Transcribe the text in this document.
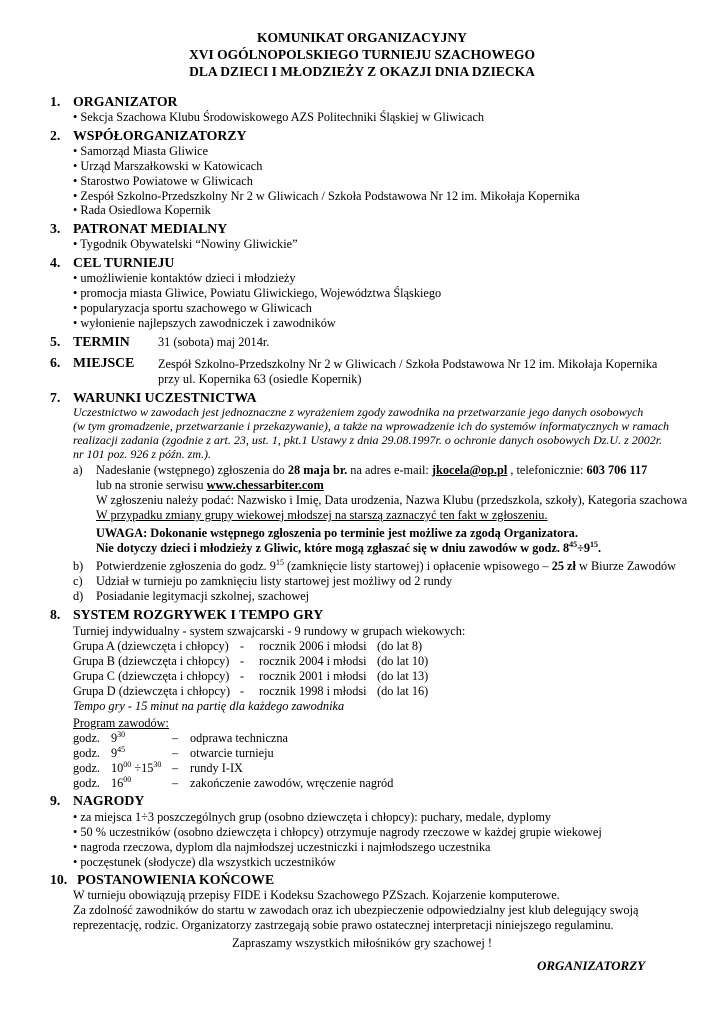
KOMUNIKAT ORGANIZACYJNY
XVI OGÓLNOPOLSKIEGO TURNIEJU SZACHOWEGO
DLA DZIECI I MŁODZIEŻY Z OKAZJI DNIA DZIECKA
1. ORGANIZATOR
• Sekcja Szachowa Klubu Środowiskowego AZS Politechniki Śląskiej w Gliwicach
2. WSPÓŁORGANIZATORZY
• Samorząd Miasta Gliwice
• Urząd Marszałkowski w Katowicach
• Starostwo Powiatowe w Gliwicach
• Zespół Szkolno-Przedszkolny Nr 2 w Gliwicach / Szkoła Podstawowa Nr 12 im. Mikołaja Kopernika
• Rada Osiedlowa Kopernik
3. PATRONAT MEDIALNY
• Tygodnik Obywatelski “Nowiny Gliwickie”
4. CEL TURNIEJU
• umożliwienie kontaktów dzieci i młodzieży
• promocja miasta Gliwice, Powiatu Gliwickiego, Województwa Śląskiego
• popularyzacja sportu szachowego w Gliwicach
• wyłonienie najlepszych zawodniczek i zawodników
5. TERMIN 31 (sobota) maj 2014r.
6. MIEJSCE Zespół Szkolno-Przedszkolny Nr 2 w Gliwicach / Szkoła Podstawowa Nr 12 im. Mikołaja Kopernika
przy ul. Kopernika 63 (osiedle Kopernik)
7. WARUNKI UCZESTNICTWA
Uczestnictwo w zawodach jest jednoznaczne z wyrażeniem zgody zawodnika na przetwarzanie jego danych osobowych
(w tym gromadzenie, przetwarzanie i przekazywanie), a także na wprowadzenie ich do systemów informatycznych w ramach
realizacji zadania (zgodnie z art. 23, ust. 1, pkt.1 Ustawy z dnia 29.08.1997r. o ochronie danych osobowych Dz.U. z 2002r.
nr 101 poz. 926 z późn. zm.).
a) Nadesłanie (wstępnego) zgłoszenia do 28 maja br. na adres e-mail: jkocela@op.pl , telefonicznie: 603 706 117
lub na stronie serwisu www.chessarbiter.com
W zgłoszeniu należy podać: Nazwisko i Imię, Data urodzenia, Nazwa Klubu (przedszkola, szkoły), Kategoria szachowa
W przypadku zmiany grupy wiekowej młodszej na starszą zaznaczyć ten fakt w zgłoszeniu.
UWAGA: Dokonanie wstępnego zgłoszenia po terminie jest możliwe za zgodą Organizatora.
Nie dotyczy dzieci i młodzieży z Gliwic, które mogą zgłaszać się w dniu zawodów w godz. $8^{45}\div 9^{15}$.
b) Potwierdzenie zgłoszenia do godz. $9^{15}$ (zamknięcie listy startowej) i opłacenie wpisowego – 25 zł w Biurze Zawodów
c) Udział w turnieju po zamknięciu listy startowej jest możliwy od 2 rundy
d) Posiadanie legitymacji szkolnej, szachowej
8. SYSTEM ROZGRYWEK I TEMPO GRY
Turniej indywidualny - system szwajcarski - 9 rundowy w grupach wiekowych:
Grupa A (dziewczęta i chłopcy) - rocznik 2006 i młodsi (do lat 8)
Grupa B (dziewczęta i chłopcy) - rocznik 2004 i młodsi (do lat 10)
Grupa C (dziewczęta i chłopcy) - rocznik 2001 i młodsi (do lat 13)
Grupa D (dziewczęta i chłopcy) - rocznik 1998 i młodsi (do lat 16)
Tempo gry - 15 minut na partię dla każdego zawodnika
Program zawodów:
godz. $9^{30}$	– odprawa techniczna
godz. $9^{45}$	– otwarcie turnieju
godz. $10^{00} \div 15^{30}$ – rundy I-IX
godz. $16^{00}$	– zakończenie zawodów, wręczenie nagród
9. NAGRODY
• za miejsca 1÷3 poszczególnych grup (osobno dziewczęta i chłopcy): puchary, medale, dyplomy
• 50 % uczestników (osobno dziewczęta i chłopcy) otrzymuje nagrody rzeczowe w każdej grupie wiekowej
• nagroda rzeczowa, dyplom dla najmłodszej uczestniczki i najmłodszego uczestnika
• poczęstunek (słodycze) dla wszystkich uczestników
10. POSTANOWIENIA KOŃCOWE
W turnieju obowiązują przepisy FIDE i Kodeksu Szachowego PZSzach. Kojarzenie komputerowe.
Za zdolność zawodników do startu w zawodach oraz ich ubezpieczenie odpowiedzialny jest klub delegujący swoją
reprezentację, rodzic. Organizatorzy zastrzegają sobie prawo ostatecznej interpretacji niniejszego regulaminu.
Zapraszamy wszystkich miłośników gry szachowej !
ORGANIZATORZY
